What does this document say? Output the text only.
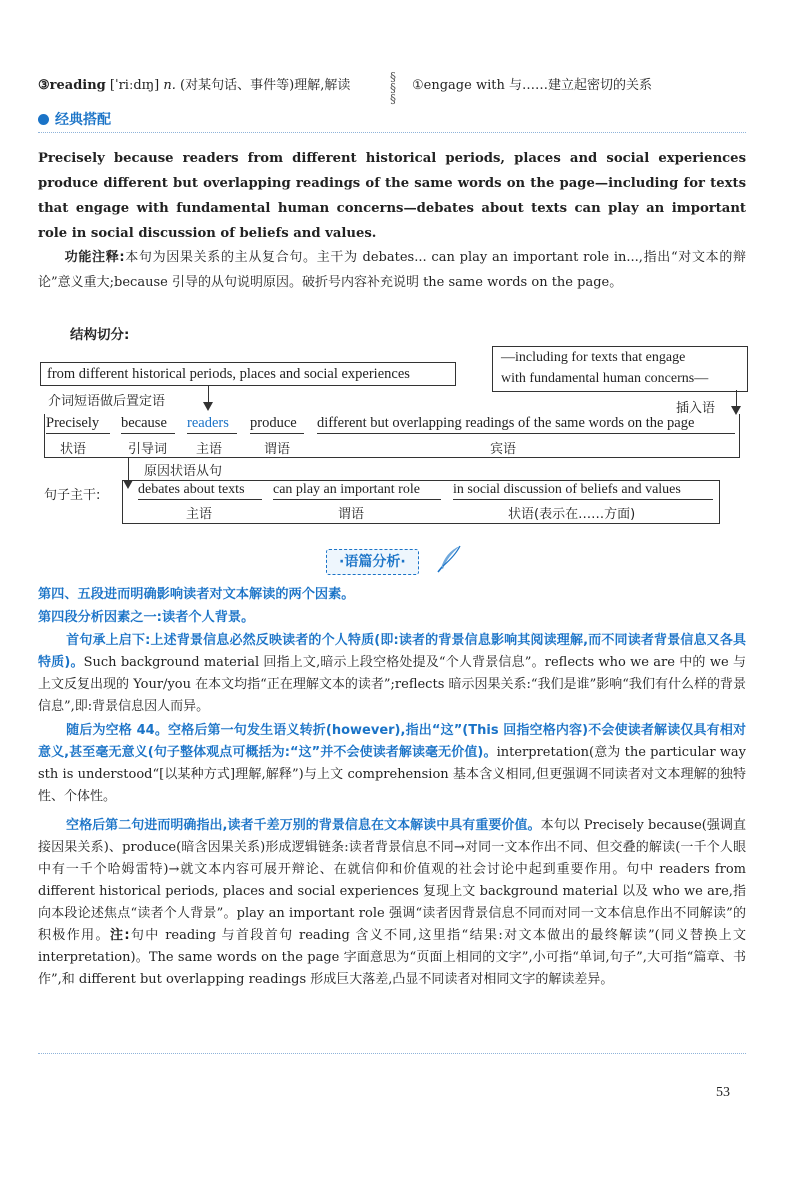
③reading [ˈriːdɪŋ] n. (对某句话、事件等)理解,解读
§
§
§
①engage with 与……建立起密切的关系
经典搭配
Precisely because readers from different historical periods, places and social experiences produce different but overlapping readings of the same words on the page—including for texts that engage with fundamental human concerns—debates about texts can play an important role in social discussion of beliefs and values.
功能注释:本句为因果关系的主从复合句。主干为 debates... can play an important role in...,指出“对文本的辩论”意义重大;because 引导的从句说明原因。破折号内容补充说明 the same words on the page。
结构切分:
from different historical periods, places and social experiences
—including for texts that engage
with fundamental human concerns—
介词短语做后置定语	插入语
Precisely	because	readers	produce	different but overlapping readings of the same words on the page
状语	引导词 主语	谓语	宾语
原因状语从句
句子主干:	debates about texts	can play an important role	in social discussion of beliefs and values
主语	谓语	状语(表示在……方面)
·语篇分析·
第四、五段进而明确影响读者对文本解读的两个因素。
第四段分析因素之一:读者个人背景。
首句承上启下:上述背景信息必然反映读者的个人特质(即:读者的背景信息影响其阅读理解,而不同读者背景信息又各具特质)。Such background material 回指上文,暗示上段空格处提及“个人背景信息”。reflects who we are 中的 we 与上文反复出现的 Your/you 在本文均指“正在理解文本的读者”;reflects 暗示因果关系:“我们是谁”影响“我们有什么样的背景信息”,即:背景信息因人而异。
随后为空格 44。空格后第一句发生语义转折(however),指出“这”(This 回指空格内容)不会使读者解读仅具有相对意义,甚至毫无意义(句子整体观点可概括为:“这”并不会使读者解读毫无价值)。interpretation(意为 the particular way sth is understood“[以某种方式]理解,解释”)与上文 comprehension 基本含义相同,但更强调不同读者对文本理解的独特性、个体性。
空格后第二句进而明确指出,读者千差万别的背景信息在文本解读中具有重要价值。本句以 Precisely because(强调直接因果关系)、produce(暗含因果关系)形成逻辑链条:读者背景信息不同→对同一文本作出不同、但交叠的解读(一千个人眼中有一千个哈姆雷特)→就文本内容可展开辩论、在就信仰和价值观的社会讨论中起到重要作用。句中 readers from different historical periods, places and social experiences 复现上文 background material 以及 who we are,指向本段论述焦点“读者个人背景”。play an important role 强调“读者因背景信息不同而对同一文本信息作出不同解读”的积极作用。注:句中 reading 与首段首句 reading 含义不同,这里指“结果:对文本做出的最终解读”(同义替换上文 interpretation)。The same words on the page 字面意思为“页面上相同的文字”,小可指“单词,句子”,大可指“篇章、书作”,和 different but overlapping readings 形成巨大落差,凸显不同读者对相同文字的解读差异。
53
